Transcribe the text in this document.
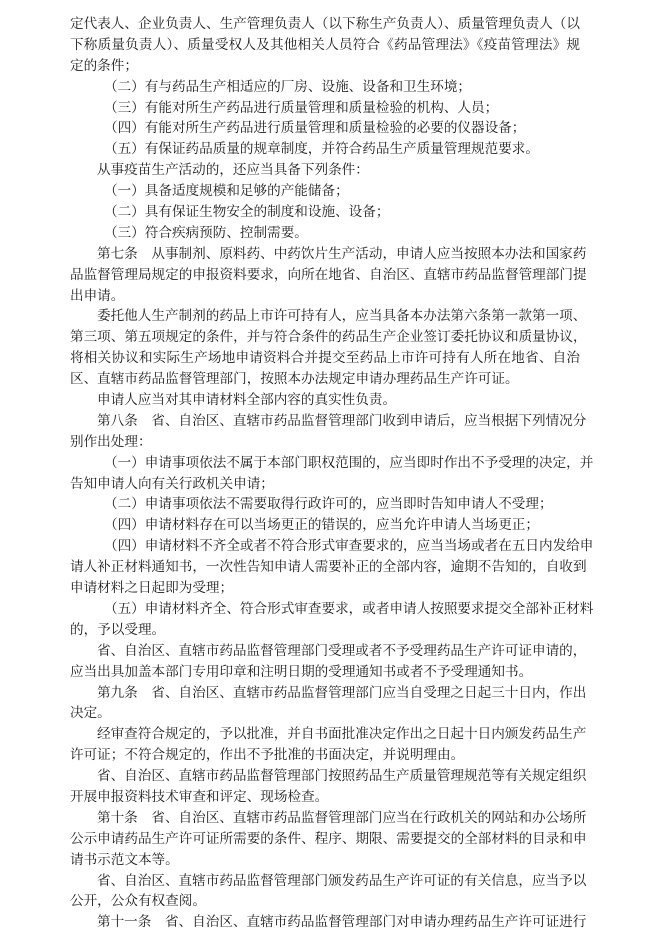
定代表人、企业负责人、生产管理负责人（以下称生产负责人）、质量管理负责人（以
下称质量负责人）、质量受权人及其他相关人员符合《药品管理法》《疫苗管理法》规
定的条件；
（二）有与药品生产相适应的厂房、设施、设备和卫生环境；
（三）有能对所生产药品进行质量管理和质量检验的机构、人员；
（四）有能对所生产药品进行质量管理和质量检验的必要的仪器设备；
（五）有保证药品质量的规章制度，并符合药品生产质量管理规范要求。
从事疫苗生产活动的，还应当具备下列条件：
（一）具备适度规模和足够的产能储备；
（二）具有保证生物安全的制度和设施、设备；
（三）符合疾病预防、控制需要。
第七条　从事制剂、原料药、中药饮片生产活动，申请人应当按照本办法和国家药
品监督管理局规定的申报资料要求，向所在地省、自治区、直辖市药品监督管理部门提
出申请。
委托他人生产制剂的药品上市许可持有人，应当具备本办法第六条第一款第一项、
第三项、第五项规定的条件，并与符合条件的药品生产企业签订委托协议和质量协议，
将相关协议和实际生产场地申请资料合并提交至药品上市许可持有人所在地省、自治
区、直辖市药品监督管理部门，按照本办法规定申请办理药品生产许可证。
申请人应当对其申请材料全部内容的真实性负责。
第八条　省、自治区、直辖市药品监督管理部门收到申请后，应当根据下列情况分
别作出处理：
（一）申请事项依法不属于本部门职权范围的，应当即时作出不予受理的决定，并
告知申请人向有关行政机关申请；
（二）申请事项依法不需要取得行政许可的，应当即时告知申请人不受理；
（四）申请材料存在可以当场更正的错误的，应当允许申请人当场更正；
（四）申请材料不齐全或者不符合形式审查要求的，应当当场或者在五日内发给申
请人补正材料通知书，一次性告知申请人需要补正的全部内容，逾期不告知的，自收到
申请材料之日起即为受理；
（五）申请材料齐全、符合形式审查要求，或者申请人按照要求提交全部补正材料
的，予以受理。
省、自治区、直辖市药品监督管理部门受理或者不予受理药品生产许可证申请的，
应当出具加盖本部门专用印章和注明日期的受理通知书或者不予受理通知书。
第九条　省、自治区、直辖市药品监督管理部门应当自受理之日起三十日内，作出
决定。
经审查符合规定的，予以批准，并自书面批准决定作出之日起十日内颁发药品生产
许可证；不符合规定的，作出不予批准的书面决定，并说明理由。
省、自治区、直辖市药品监督管理部门按照药品生产质量管理规范等有关规定组织
开展申报资料技术审查和评定、现场检查。
第十条　省、自治区、直辖市药品监督管理部门应当在行政机关的网站和办公场所
公示申请药品生产许可证所需要的条件、程序、期限、需要提交的全部材料的目录和申
请书示范文本等。
省、自治区、直辖市药品监督管理部门颁发药品生产许可证的有关信息，应当予以
公开，公众有权查阅。
第十一条　省、自治区、直辖市药品监督管理部门对申请办理药品生产许可证进行
